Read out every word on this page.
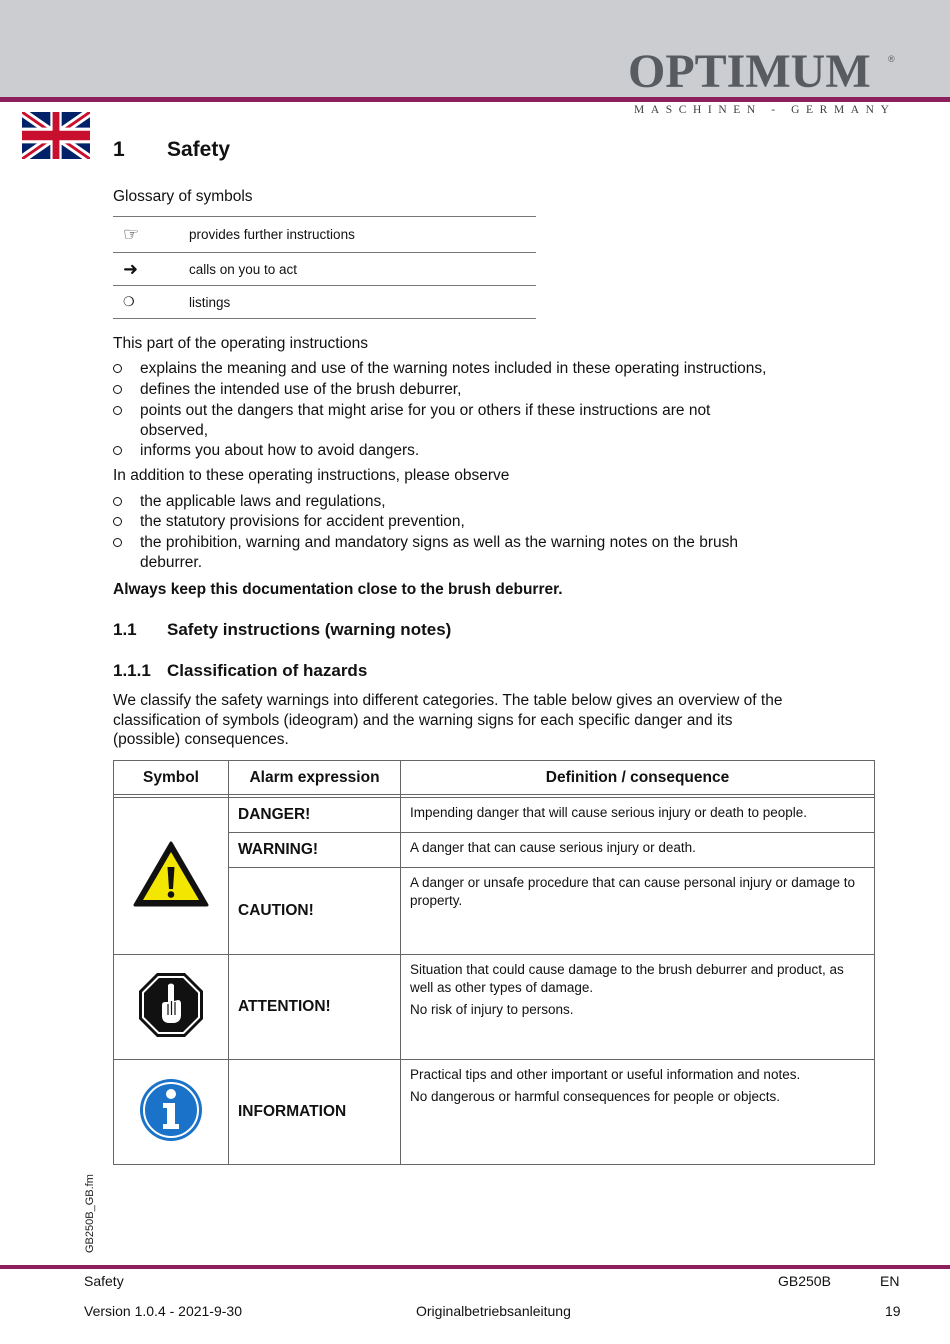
OPTIMUM ®
MASCHINEN - GERMANY
1 Safety
Glossary of symbols
☞	provides further instructions
➜	calls on you to act
❍	listings
This part of the operating instructions
explains the meaning and use of the warning notes included in these operating instructions,
defines the intended use of the brush deburrer,
points out the dangers that might arise for you or others if these instructions are not observed,
informs you about how to avoid dangers.
In addition to these operating instructions, please observe
the applicable laws and regulations,
the statutory provisions for accident prevention,
the prohibition, warning and mandatory signs as well as the warning notes on the brush deburrer.
Always keep this documentation close to the brush deburrer.
1.1 Safety instructions (warning notes)
1.1.1 Classification of hazards
We classify the safety warnings into different categories. The table below gives an overview of the classification of symbols (ideogram) and the warning signs for each specific danger and its (possible) consequences.
Symbol	Alarm expression	Definition / consequence

	DANGER!	Impending danger that will cause serious injury or death to people.

	WARNING!	A danger that can cause serious injury or death.

	CAUTION!	A danger or unsafe procedure that can cause personal injury or damage to property.

	ATTENTION!	Situation that could cause damage to the brush deburrer and product, as well as other types of damage.

No risk of injury to persons.

	INFORMATION	Practical tips and other important or useful information and notes.

No dangerous or harmful consequences for people or objects.

GB250B_GB.fm
Safety	GB250B	EN
Version 1.0.4 - 2021-9-30	Originalbetriebsanleitung	19
